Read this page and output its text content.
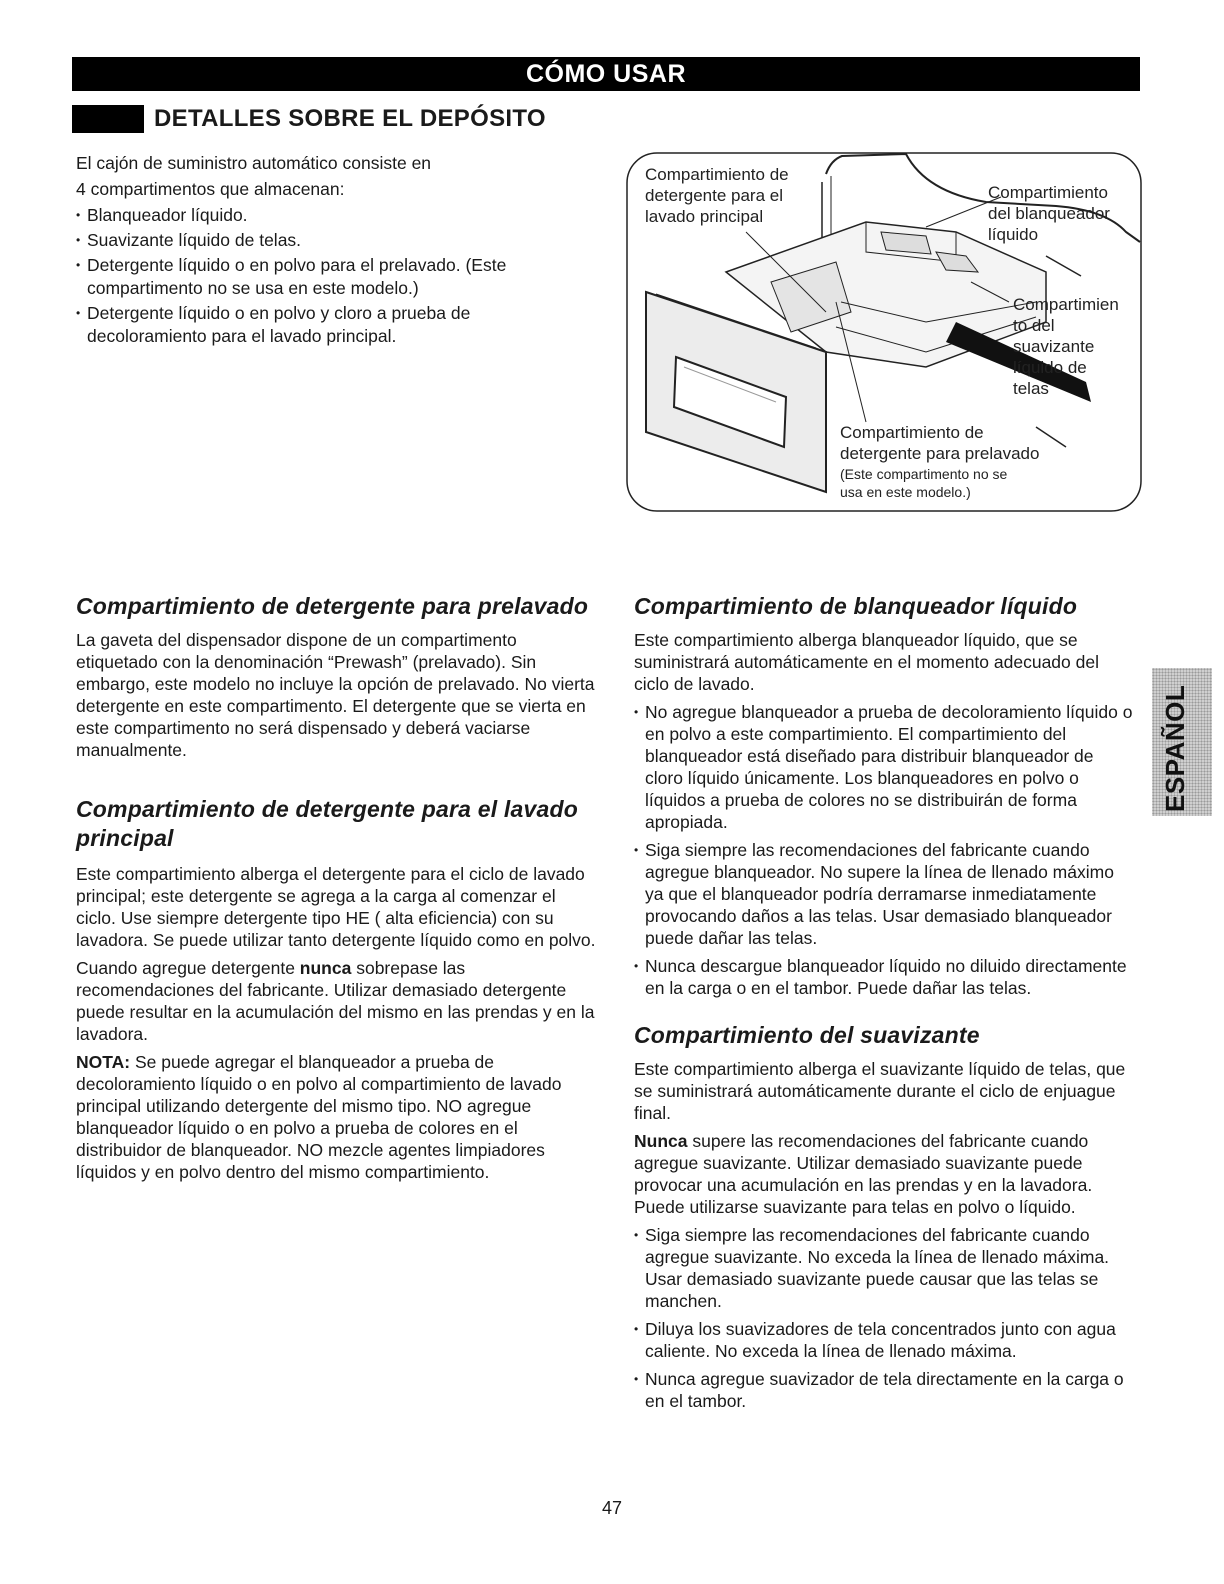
CÓMO USAR
DETALLES SOBRE EL DEPÓSITO

El cajón de suministro automático consiste en

4 compartimentos que almacenan:

• Blanqueador líquido.
• Suavizante líquido de telas.
• Detergente líquido o en polvo para el prelavado. (Este compartimento no se usa en este modelo.)
• Detergente líquido o en polvo y cloro a prueba de decoloramiento para el lavado principal.
Compartimiento de
detergente para el
lavado principal
Compartimiento
del blanqueador
líquido
Compartimien
to del
suavizante
líquido de
telas
Compartimiento de
detergente para prelavado
(Este compartimento no se
usa en este modelo.)
Compartimiento de detergente para prelavado

La gaveta del dispensador dispone de un compartimento etiquetado con la denominación “Prewash” (prelavado). Sin embargo, este modelo no incluye la opción de prelavado. No vierta detergente en este compartimento. El detergente que se vierta en este compartimento no será dispensado y deberá vaciarse manualmente.

Compartimiento de detergente para el lavado principal

Este compartimiento alberga el detergente para el ciclo de lavado principal; este detergente se agrega a la carga al comenzar el ciclo. Use siempre detergente tipo HE ( alta eficiencia) con su lavadora. Se puede utilizar tanto detergente líquido como en polvo.

Cuando agregue detergente nunca sobrepase las recomendaciones del fabricante. Utilizar demasiado detergente puede resultar en la acumulación del mismo en las prendas y en la lavadora.

NOTA: Se puede agregar el blanqueador a prueba de decoloramiento líquido o en polvo al compartimiento de lavado principal utilizando detergente del mismo tipo. NO agregue blanqueador líquido o en polvo a prueba de colores en el distribuidor de blanqueador. NO mezcle agentes limpiadores líquidos y en polvo dentro del mismo compartimiento.

Compartimiento de blanqueador líquido

Este compartimiento alberga blanqueador líquido, que se suministrará automáticamente en el momento adecuado del ciclo de lavado.

• No agregue blanqueador a prueba de decoloramiento líquido o en polvo a este compartimiento. El compartimiento del blanqueador está diseñado para distribuir blanqueador de cloro líquido únicamente. Los blanqueadores en polvo o líquidos a prueba de colores no se distribuirán de forma apropiada.
• Siga siempre las recomendaciones del fabricante cuando agregue blanqueador. No supere la línea de llenado máximo ya que el blanqueador podría derramarse inmediatamente provocando daños a las telas. Usar demasiado blanqueador puede dañar las telas.
• Nunca descargue blanqueador líquido no diluido directamente en la carga o en el tambor. Puede dañar las telas.
Compartimiento del suavizante

Este compartimiento alberga el suavizante líquido de telas, que se suministrará automáticamente durante el ciclo de enjuague final.

Nunca supere las recomendaciones del fabricante cuando agregue suavizante. Utilizar demasiado suavizante puede provocar una acumulación en las prendas y en la lavadora. Puede utilizarse suavizante para telas en polvo o líquido.

• Siga siempre las recomendaciones del fabricante cuando agregue suavizante. No exceda la línea de llenado máxima. Usar demasiado suavizante puede causar que las telas se manchen.
• Diluya los suavizadores de tela concentrados junto con agua caliente. No exceda la línea de llenado máxima.
• Nunca agregue suavizador de tela directamente en la carga o en el tambor.
ESPAÑOL
47
